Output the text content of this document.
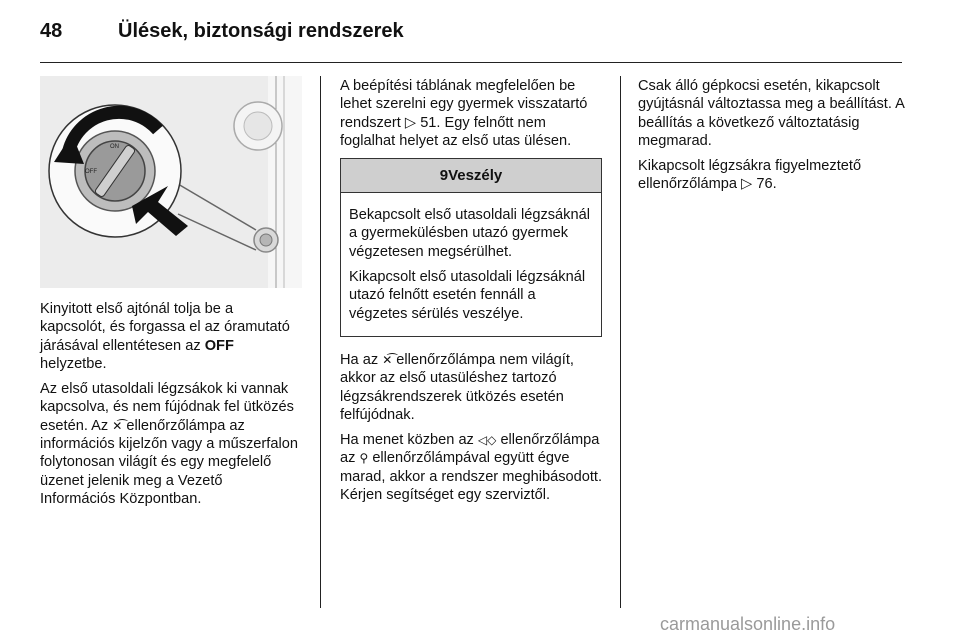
48	Ülések, biztonsági rendszerek
ON
OFF

Kinyitott első ajtónál tolja be a kapcsolót, és forgassa el az óramutató járásával ellentétesen az OFF helyzetbe.

Az első utasoldali légzsákok ki vannak kapcsolva, és nem fújódnak fel ütközés esetén. Az ✕͡ ellenőrzőlámpa az információs kijelzőn vagy a műszerfalon folytonosan világít és egy megfelelő üzenet jelenik meg a Vezető Információs Központban.

A beépítési táblának megfelelően be lehet szerelni egy gyermek visszatartó rendszert ▷ 51. Egy felnőtt nem foglalhat helyet az első utas ülésen.

9Veszély

Bekapcsolt első utasoldali légzsáknál a gyermekülésben utazó gyermek végzetesen megsérülhet.

Kikapcsolt első utasoldali légzsáknál utazó felnőtt esetén fennáll a végzetes sérülés veszélye.

Ha az ✕͡ ellenőrzőlámpa nem világít, akkor az első utasüléshez tartozó légzsákrendszerek ütközés esetén felfújódnak.

Ha menet közben az ◁◇ ellenőrzőlámpa az ⚲ ellenőrzőlámpával együtt égve marad, akkor a rendszer meghibásodott. Kérjen segítséget egy szerviztől.

Csak álló gépkocsi esetén, kikapcsolt gyújtásnál változtassa meg a beállítást. A beállítás a következő változtatásig megmarad.

Kikapcsolt légzsákra figyelmeztető ellenőrzőlámpa ▷ 76.

carmanualsonline.info
